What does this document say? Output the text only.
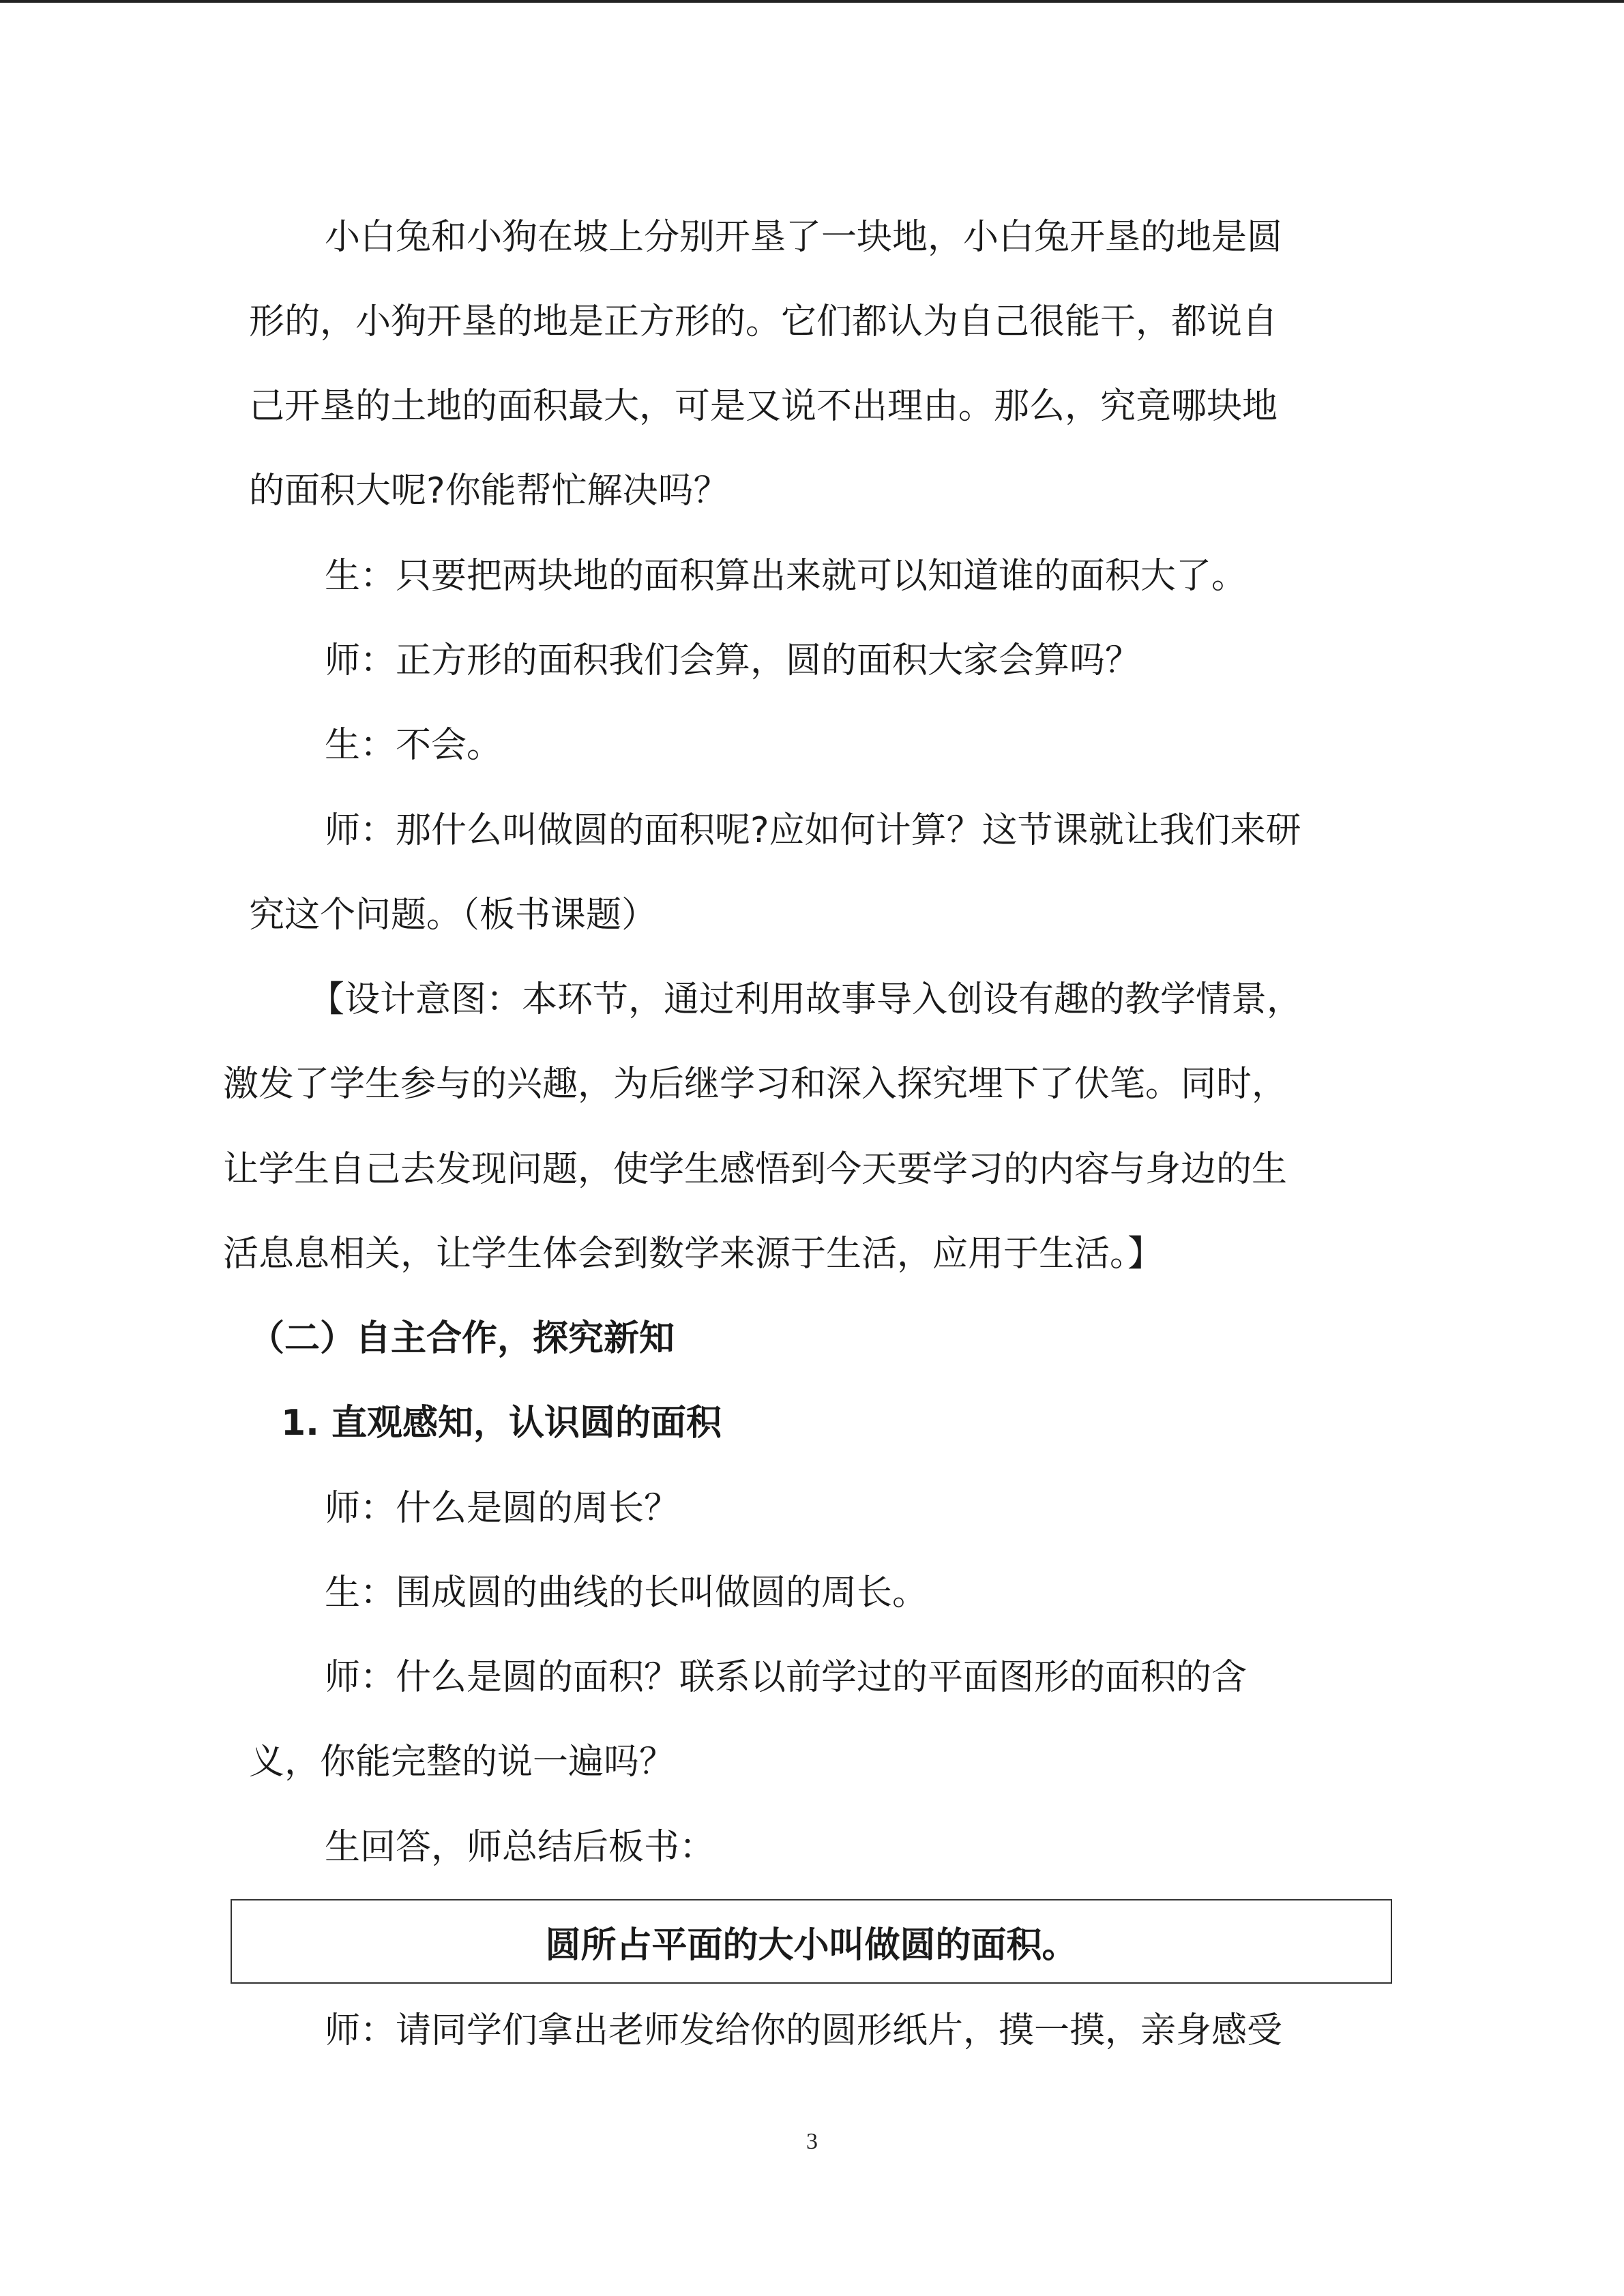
小白兔和小狗在坡上分别开垦了一块地，小白兔开垦的地是圆
形的，小狗开垦的地是正方形的。它们都认为自己很能干，都说自
己开垦的土地的面积最大，可是又说不出理由。那么，究竟哪块地
的面积大呢?你能帮忙解决吗？
生：只要把两块地的面积算出来就可以知道谁的面积大了。
师：正方形的面积我们会算，圆的面积大家会算吗？
生：不会。
师：那什么叫做圆的面积呢?应如何计算？这节课就让我们来研
究这个问题。（板书课题）
【设计意图：本环节，通过利用故事导入创设有趣的教学情景，
激发了学生参与的兴趣，为后继学习和深入探究埋下了伏笔。同时，
让学生自己去发现问题，使学生感悟到今天要学习的内容与身边的生
活息息相关，让学生体会到数学来源于生活，应用于生活。】
（二）自主合作，探究新知
1. 直观感知，认识圆的面积
师：什么是圆的周长？
生：围成圆的曲线的长叫做圆的周长。
师：什么是圆的面积？联系以前学过的平面图形的面积的含
义，你能完整的说一遍吗？
生回答，师总结后板书：
圆所占平面的大小叫做圆的面积。
师：请同学们拿出老师发给你的圆形纸片，摸一摸，亲身感受
3
